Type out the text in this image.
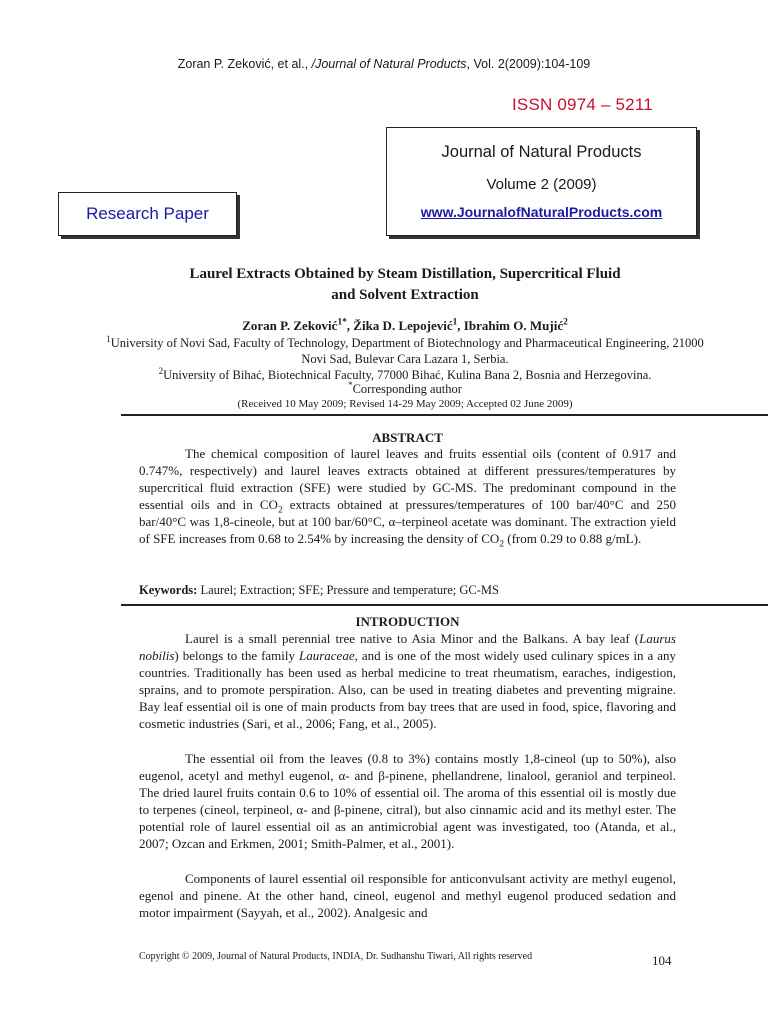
Zoran P. Zeković, et al., /Journal of Natural Products, Vol. 2(2009):104-109
ISSN 0974 – 5211
Journal of Natural Products
Volume 2 (2009)
www.JournalofNaturalProducts.com
Research Paper
Laurel Extracts Obtained by Steam Distillation, Supercritical Fluid
and Solvent Extraction
Zoran P. Zeković$^{1*}$, Žika D. Lepojević$^1$, Ibrahim O. Mujić$^2$
$^1$University of Novi Sad, Faculty of Technology, Department of Biotechnology and Pharmaceutical Engineering, 21000 Novi Sad, Bulevar Cara Lazara 1, Serbia.
$^2$University of Bihać, Biotechnical Faculty, 77000 Bihać, Kulina Bana 2, Bosnia and Herzegovina.
*Corresponding author
(Received 10 May 2009; Revised 14-29 May 2009; Accepted 02 June 2009)
ABSTRACT

The chemical composition of laurel leaves and fruits essential oils (content of 0.917 and 0.747%, respectively) and laurel leaves extracts obtained at different pressures/temperatures by supercritical fluid extraction (SFE) were studied by GC-MS. The predominant compound in the essential oils and in $CO_2$ extracts obtained at pressures/temperatures of 100 bar/40°C and 250 bar/40°C was 1,8-cineole, but at 100 bar/60°C, α–terpineol acetate was dominant. The extraction yield of SFE increases from 0.68 to 2.54% by increasing the density of $CO_2$ (from 0.29 to 0.88 g/mL).

Keywords: Laurel; Extraction; SFE; Pressure and temperature; GC-MS

INTRODUCTION

Laurel is a small perennial tree native to Asia Minor and the Balkans. A bay leaf (Laurus nobilis) belongs to the family Lauraceae, and is one of the most widely used culinary spices in a any countries. Traditionally has been used as herbal medicine to treat rheumatism, earaches, indigestion, sprains, and to promote perspiration. Also, can be used in treating diabetes and preventing migraine. Bay leaf essential oil is one of main products from bay trees that are used in food, spice, flavoring and cosmetic industries (Sari, et al., 2006; Fang, et al., 2005).

The essential oil from the leaves (0.8 to 3%) contains mostly 1,8-cineol (up to 50%), also eugenol, acetyl and methyl eugenol, α- and β-pinene, phellandrene, linalool, geraniol and terpineol. The dried laurel fruits contain 0.6 to 10% of essential oil. The aroma of this essential oil is mostly due to terpenes (cineol, terpineol, α- and β-pinene, citral), but also cinnamic acid and its methyl ester. The potential role of laurel essential oil as an antimicrobial agent was investigated, too (Atanda, et al., 2007; Ozcan and Erkmen, 2001; Smith-Palmer, et al., 2001).

Components of laurel essential oil responsible for anticonvulsant activity are methyl eugenol, egenol and pinene. At the other hand, cineol, eugenol and methyl eugenol produced sedation and motor impairment (Sayyah, et al., 2002). Analgesic and

Copyright © 2009, Journal of Natural Products, INDIA, Dr. Sudhanshu Tiwari, All rights reserved	104
